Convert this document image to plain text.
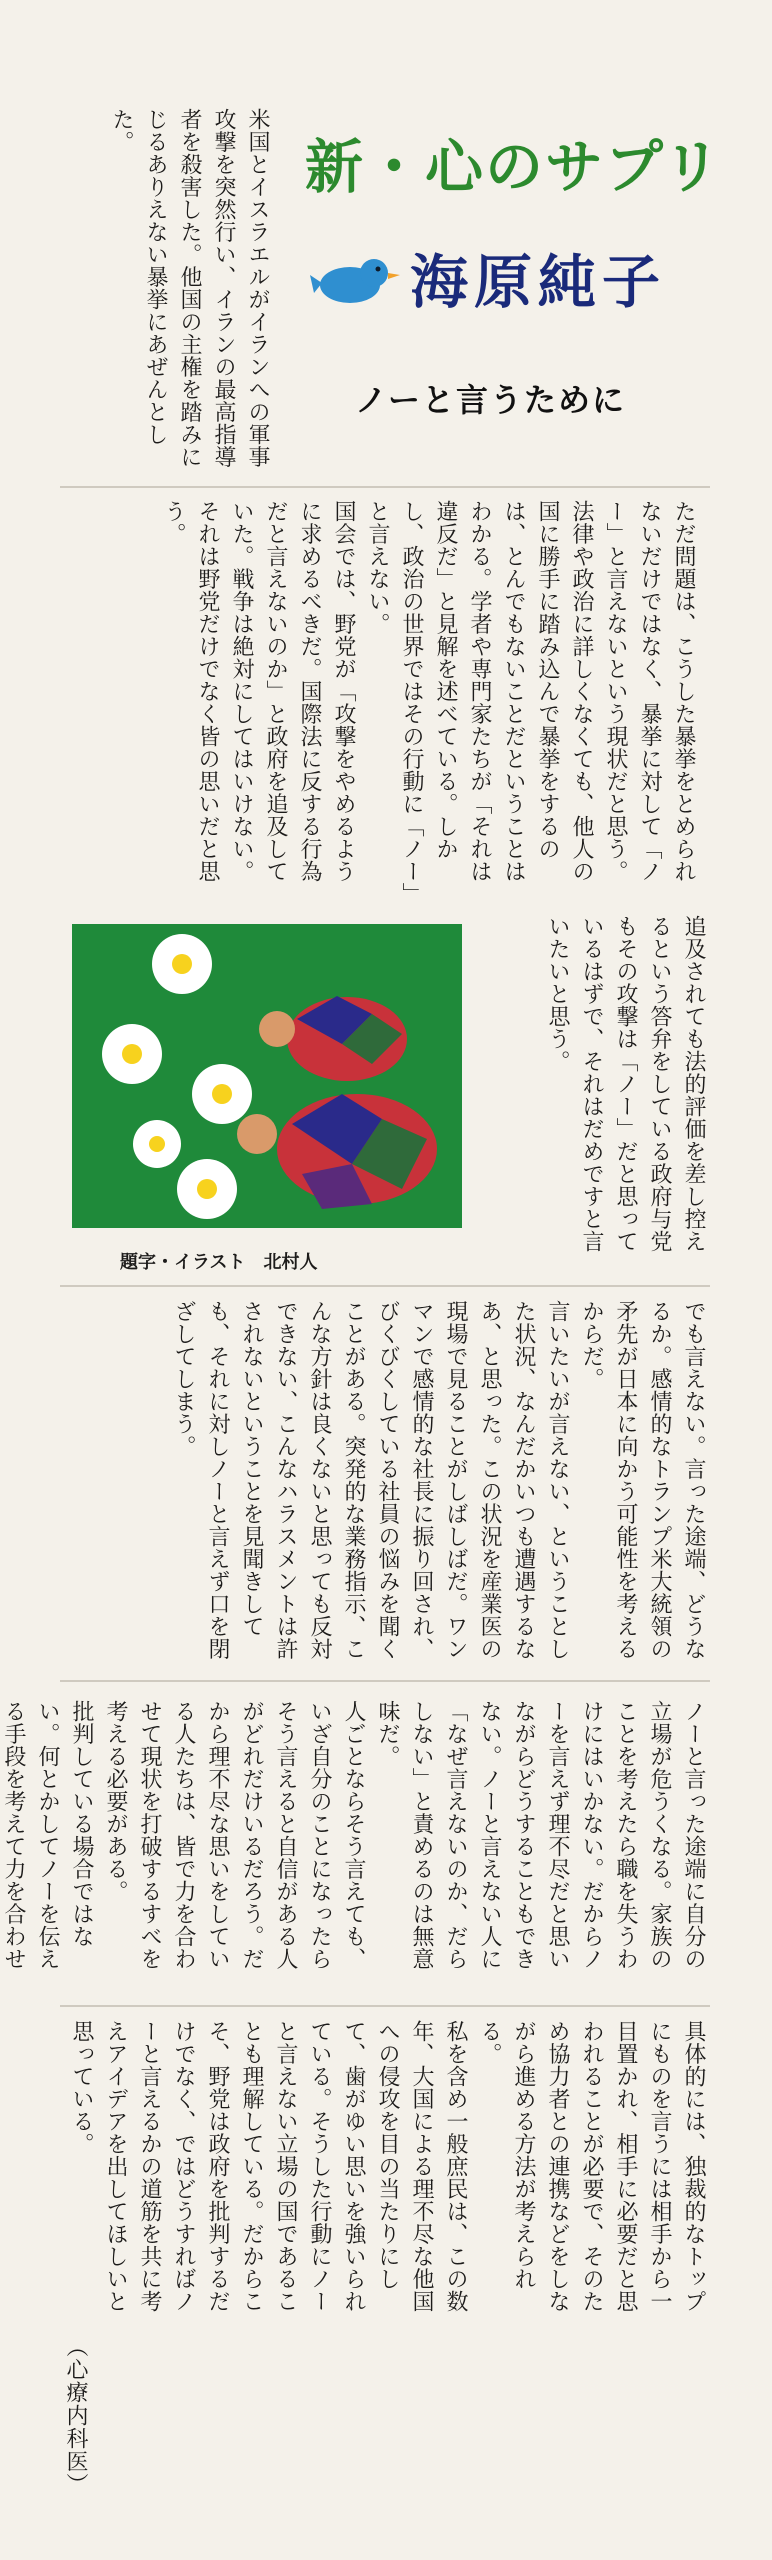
新・心のサプリ
海原純子
ノーと言うために

米国とイスラエルがイランへの軍事攻撃を突然行い、イランの最高指導者を殺害した。他国の主権を踏みにじるありえない暴挙にあぜんとした。

ただ問題は、こうした暴挙をとめられないだけではなく、暴挙に対して「ノー」と言えないという現状だと思う。法律や政治に詳しくなくても、他人の国に勝手に踏み込んで暴挙をするのは、とんでもないことだということはわかる。学者や専門家たちが「それは違反だ」と見解を述べている。しかし、政治の世界ではその行動に「ノー」と言えない。

国会では、野党が「攻撃をやめるように求めるべきだ。国際法に反する行為だと言えないのか」と政府を追及していた。戦争は絶対にしてはいけない。それは野党だけでなく皆の思いだと思う。

追及されても法的評価を差し控えるという答弁をしている政府与党もその攻撃は「ノー」だと思っているはずで、それはだめですと言いたいと思う。

題字・イラスト　北村人

でも言えない。言った途端、どうなるか。感情的なトランプ米大統領の矛先が日本に向かう可能性を考えるからだ。

言いたいが言えない、ということした状況、なんだかいつも遭遇するなあ、と思った。この状況を産業医の現場で見ることがしばしばだ。ワンマンで感情的な社長に振り回され、びくびくしている社員の悩みを聞くことがある。突発的な業務指示、こんな方針は良くないと思っても反対できない、こんなハラスメントは許されないということを見聞きしても、それに対しノーと言えず口を閉ざしてしまう。

ノーと言った途端に自分の立場が危うくなる。家族のことを考えたら職を失うわけにはいかない。だからノーを言えず理不尽だと思いながらどうすることもできない。ノーと言えない人に「なぜ言えないのか、だらしない」と責めるのは無意味だ。

人ごとならそう言えても、いざ自分のことになったらそう言えると自信がある人がどれだけいるだろう。だから理不尽な思いをしている人たちは、皆で力を合わせて現状を打破するすべを考える必要がある。

批判している場合ではない。何とかしてノーを伝える手段を考えて力を合わせ

具体的には、独裁的なトップにものを言うには相手から一目置かれ、相手に必要だと思われることが必要で、そのため協力者との連携などをしながら進める方法が考えられる。

私を含め一般庶民は、この数年、大国による理不尽な他国への侵攻を目の当たりにして、歯がゆい思いを強いられている。そうした行動にノーと言えない立場の国であることも理解している。だからこそ、野党は政府を批判するだけでなく、ではどうすればノーと言えるかの道筋を共に考えアイデアを出してほしいと思っている。

（心療内科医）
